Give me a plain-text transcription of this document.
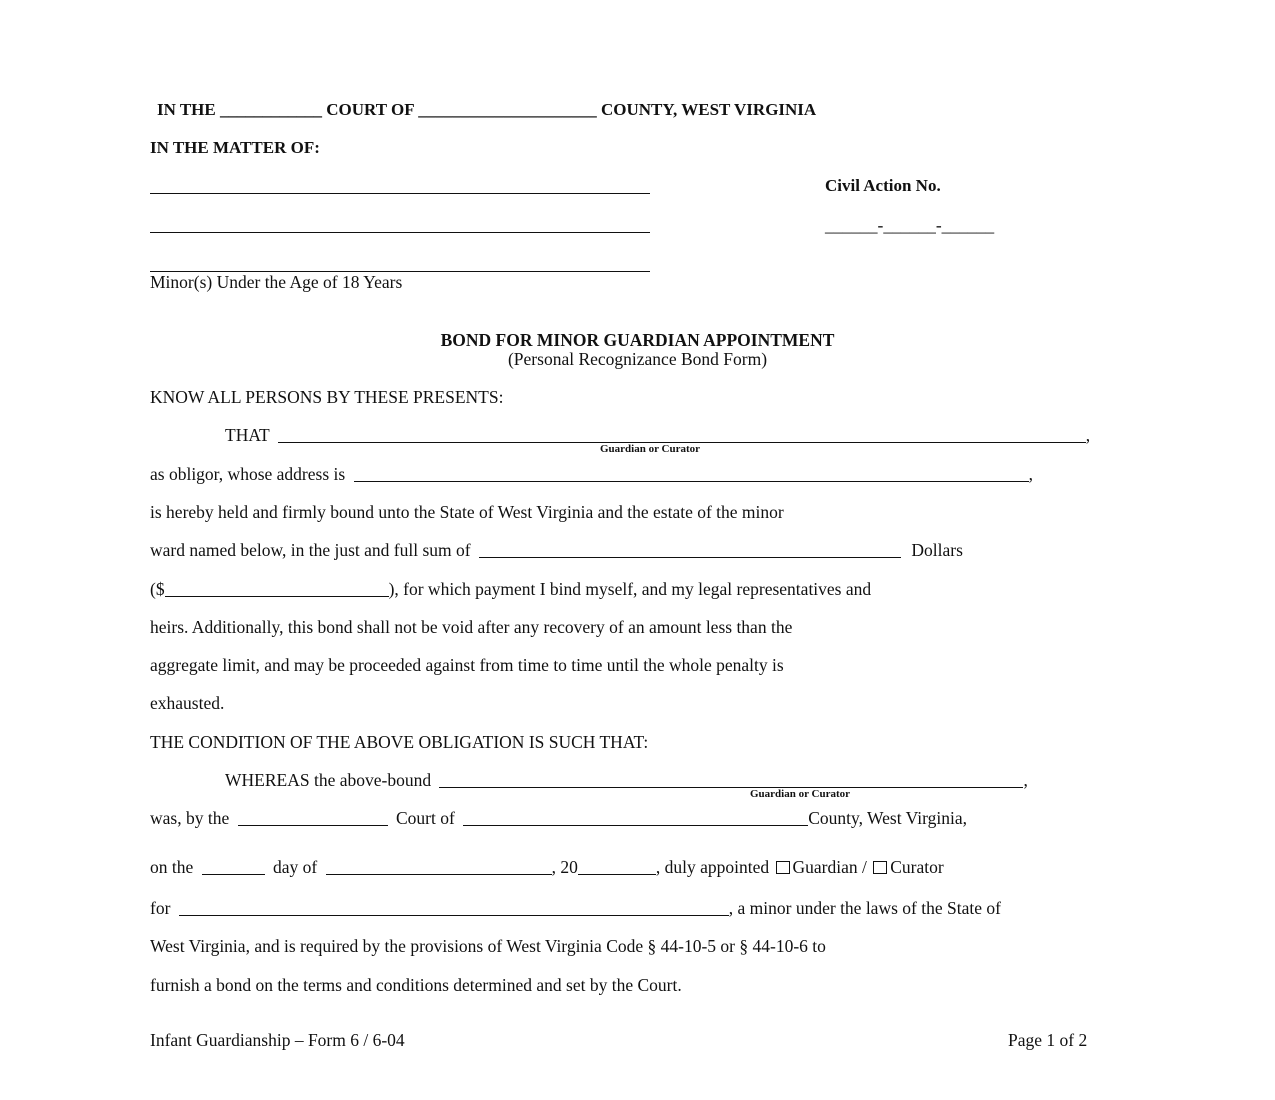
IN THE ____________ COURT OF _____________________ COUNTY, WEST VIRGINIA
IN THE MATTER OF:
Civil Action No.
______-______-______
Minor(s) Under the Age of 18 Years
BOND FOR MINOR GUARDIAN APPOINTMENT
(Personal Recognizance Bond Form)
KNOW ALL PERSONS BY THESE PRESENTS:
THAT	,
Guardian or Curator
as obligor, whose address is	,
is hereby held and firmly bound unto the State of West Virginia and the estate of the minor
ward named below, in the just and full sum of	Dollars
($	), for which payment I bind myself, and my legal representatives and
heirs. Additionally, this bond shall not be void after any recovery of an amount less than the
aggregate limit, and may be proceeded against from time to time until the whole penalty is
exhausted.
THE CONDITION OF THE ABOVE OBLIGATION IS SUCH THAT:
WHEREAS the above-bound	,
Guardian or Curator
was, by the	Court of	County, West Virginia,
on the	day of	, 20	, duly appointed Guardian / Curator
for	, a minor under the laws of the State of
West Virginia, and is required by the provisions of West Virginia Code § 44-10-5 or § 44-10-6 to
furnish a bond on the terms and conditions determined and set by the Court.
Infant Guardianship – Form 6 / 6-04	Page 1 of 2
